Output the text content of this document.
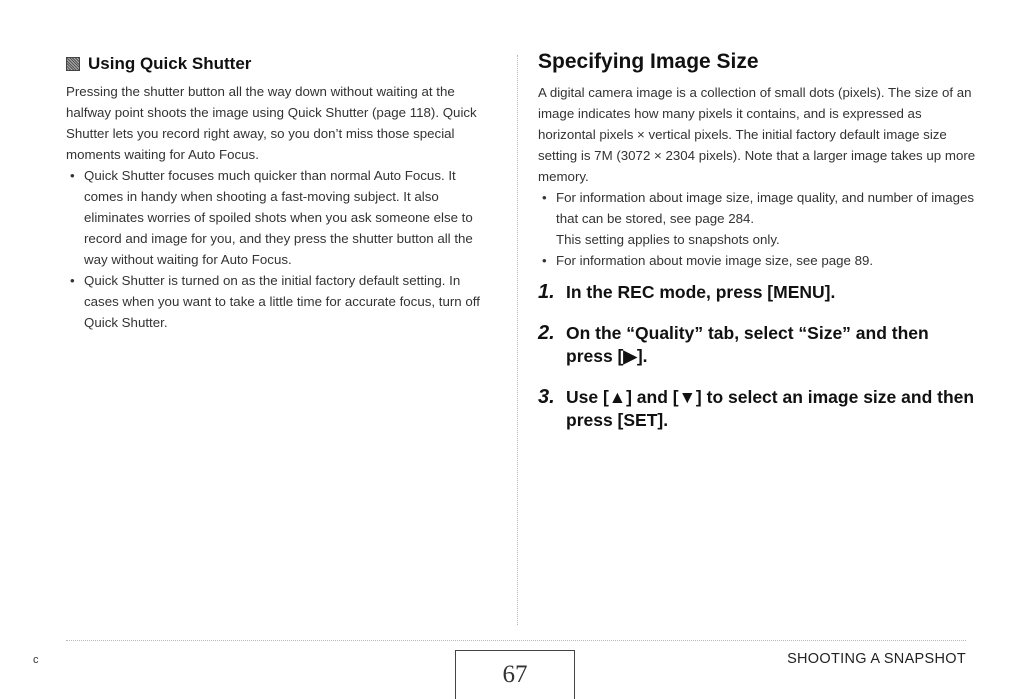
Using Quick Shutter

Pressing the shutter button all the way down without waiting at the halfway point shoots the image using Quick Shutter (page 118). Quick Shutter lets you record right away, so you don’t miss those special moments waiting for Auto Focus.

• Quick Shutter focuses much quicker than normal Auto Focus. It comes in handy when shooting a fast-moving subject. It also eliminates worries of spoiled shots when you ask someone else to record and image for you, and they press the shutter button all the way without waiting for Auto Focus.
• Quick Shutter is turned on as the initial factory default setting. In cases when you want to take a little time for accurate focus, turn off Quick Shutter.
Specifying Image Size

A digital camera image is a collection of small dots (pixels). The size of an image indicates how many pixels it contains, and is expressed as horizontal pixels × vertical pixels. The initial factory default image size setting is 7M (3072 × 2304 pixels). Note that a larger image takes up more memory.

• For information about image size, image quality, and number of images that can be stored, see page 284.
This setting applies to snapshots only.
• For information about movie image size, see page 89.
1. In the REC mode, press [MENU].
2. On the “Quality” tab, select “Size” and then press [▶].
3. Use [▲] and [▼] to select an image size and then press [SET].
c
67
SHOOTING A SNAPSHOT
